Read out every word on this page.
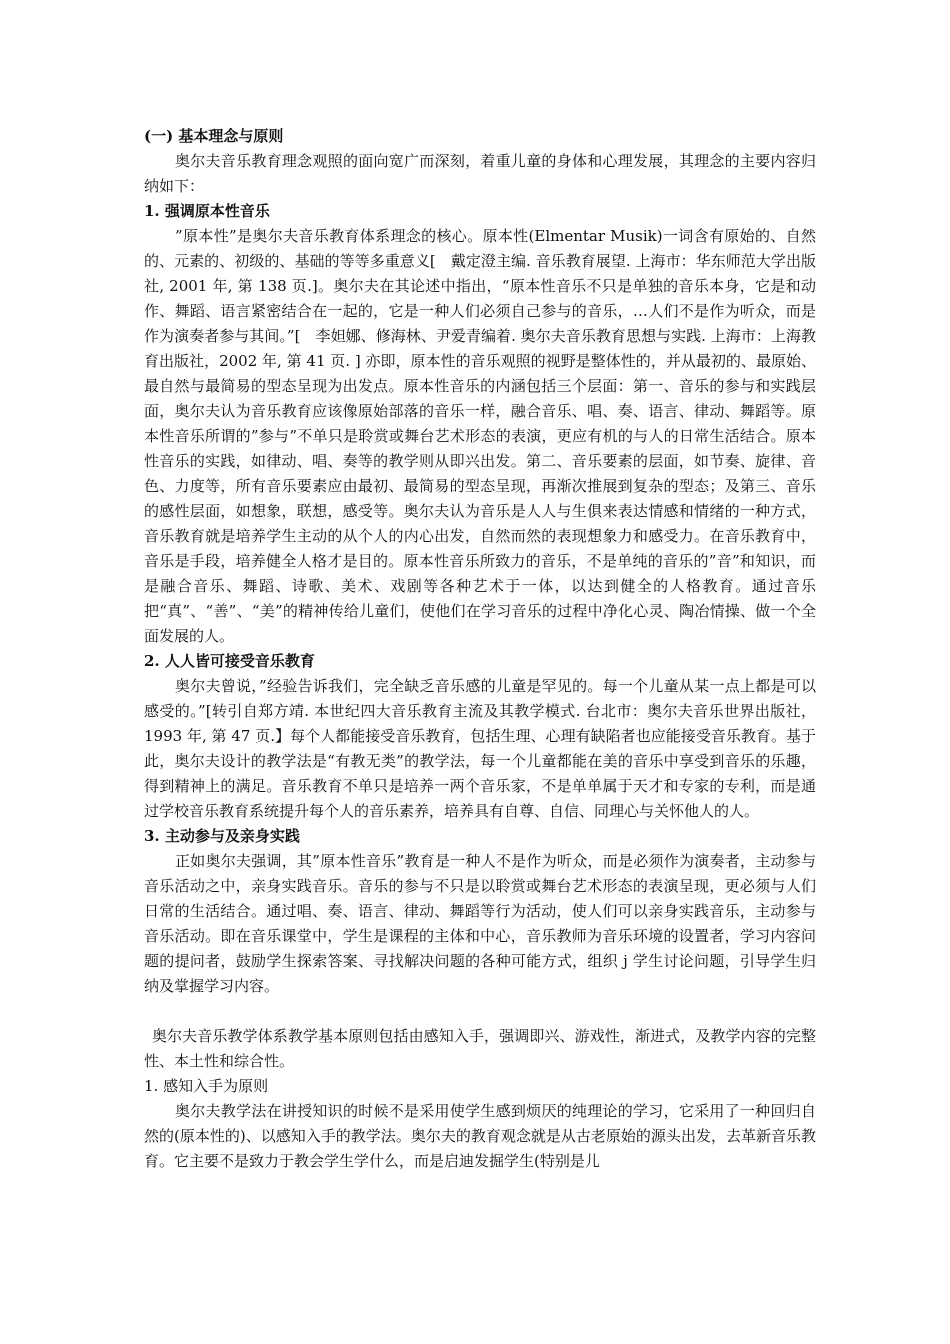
(一) 基本理念与原则

奥尔夫音乐教育理念观照的面向宽广而深刻，着重儿童的身体和心理发展，其理念的主要内容归纳如下：

1. 强调原本性音乐

”原本性”是奥尔夫音乐教育体系理念的核心。原本性(Elmentar Musik)一词含有原始的、自然的、元素的、初级的、基础的等等多重意义[　戴定澄主编. 音乐教育展望. 上海市：华东师范大学出版社, 2001 年, 第 138 页.]。奥尔夫在其论述中指出，“原本性音乐不只是单独的音乐本身，它是和动作、舞蹈、语言紧密结合在一起的，它是一种人们必须自己参与的音乐，…人们不是作为听众，而是作为演奏者参与其间。”[　李妲娜、修海林、尹爱青编着. 奥尔夫音乐教育思想与实践. 上海市：上海教育出版社，2002 年, 第 41 页. ] 亦即，原本性的音乐观照的视野是整体性的，并从最初的、最原始、最自然与最简易的型态呈现为出发点。原本性音乐的内涵包括三个层面：第一、音乐的参与和实践层面，奥尔夫认为音乐教育应该像原始部落的音乐一样，融合音乐、唱、奏、语言、律动、舞蹈等。原本性音乐所谓的”参与”不单只是聆赏或舞台艺术形态的表演，更应有机的与人的日常生活结合。原本性音乐的实践，如律动、唱、奏等的教学则从即兴出发。第二、音乐要素的层面，如节奏、旋律、音色、力度等，所有音乐要素应由最初、最简易的型态呈现，再渐次推展到复杂的型态；及第三、音乐的感性层面，如想象，联想，感受等。奥尔夫认为音乐是人人与生俱来表达情感和情绪的一种方式，音乐教育就是培养学生主动的从个人的内心出发，自然而然的表现想象力和感受力。在音乐教育中，音乐是手段，培养健全人格才是目的。原本性音乐所致力的音乐，不是单纯的音乐的”音”和知识，而是融合音乐、舞蹈、诗歌、美术、戏剧等各种艺术于一体，以达到健全的人格教育。通过音乐把“真”、“善”、“美”的精神传给儿童们，使他们在学习音乐的过程中净化心灵、陶冶情操、做一个全面发展的人。

2. 人人皆可接受音乐教育

奥尔夫曾说，”经验告诉我们，完全缺乏音乐感的儿童是罕见的。每一个儿童从某一点上都是可以感受的。”[转引自郑方靖. 本世纪四大音乐教育主流及其教学模式. 台北市：奥尔夫音乐世界出版社，1993 年, 第 47 页.】每个人都能接受音乐教育，包括生理、心理有缺陷者也应能接受音乐教育。基于此，奥尔夫设计的教学法是“有教无类”的教学法，每一个儿童都能在美的音乐中享受到音乐的乐趣，得到精神上的满足。音乐教育不单只是培养一两个音乐家，不是单单属于天才和专家的专利，而是通过学校音乐教育系统提升每个人的音乐素养，培养具有自尊、自信、同理心与关怀他人的人。

3. 主动参与及亲身实践

正如奥尔夫强调，其”原本性音乐”教育是一种人不是作为听众，而是必须作为演奏者，主动参与音乐活动之中，亲身实践音乐。音乐的参与不只是以聆赏或舞台艺术形态的表演呈现，更必须与人们日常的生活结合。通过唱、奏、语言、律动、舞蹈等行为活动，使人们可以亲身实践音乐，主动参与音乐活动。即在音乐课堂中，学生是课程的主体和中心，音乐教师为音乐环境的设置者，学习内容问题的提问者，鼓励学生探索答案、寻找解决问题的各种可能方式，组织 j 学生讨论问题，引导学生归纳及掌握学习内容。

奥尔夫音乐教学体系教学基本原则包括由感知入手，强调即兴、游戏性，渐进式，及教学内容的完整性、本土性和综合性。

1. 感知入手为原则

奥尔夫教学法在讲授知识的时候不是采用使学生感到烦厌的纯理论的学习，它采用了一种回归自然的(原本性的)、以感知入手的教学法。奥尔夫的教育观念就是从古老原始的源头出发，去革新音乐教育。它主要不是致力于教会学生学什么，而是启迪发掘学生(特别是儿
